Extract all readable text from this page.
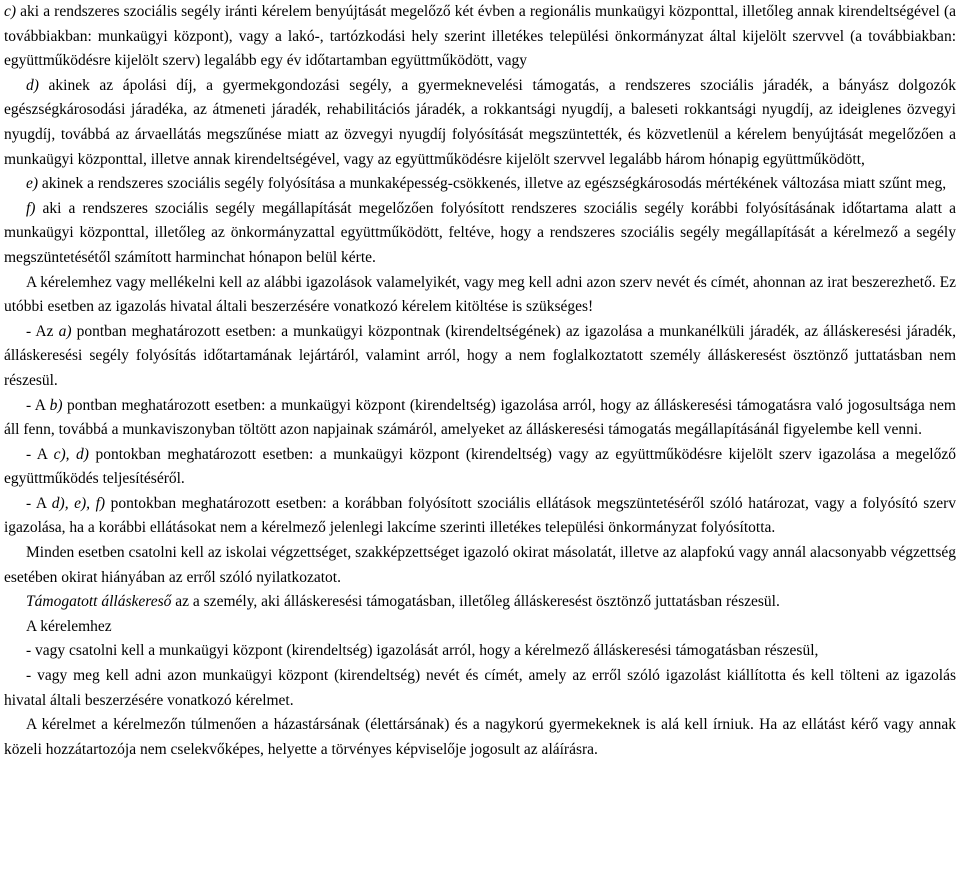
c) aki a rendszeres szociális segély iránti kérelem benyújtását megelőző két évben a regionális munkaügyi központtal, illetőleg annak kirendeltségével (a továbbiakban: munkaügyi központ), vagy a lakó-, tartózkodási hely szerint illetékes települési önkormányzat által kijelölt szervvel (a továbbiakban: együttműködésre kijelölt szerv) legalább egy év időtartamban együttműködött, vagy

d) akinek az ápolási díj, a gyermekgondozási segély, a gyermeknevelési támogatás, a rendszeres szociális járadék, a bányász dolgozók egészségkárosodási járadéka, az átmeneti járadék, rehabilitációs járadék, a rokkantsági nyugdíj, a baleseti rokkantsági nyugdíj, az ideiglenes özvegyi nyugdíj, továbbá az árvaellátás megszűnése miatt az özvegyi nyugdíj folyósítását megszüntették, és közvetlenül a kérelem benyújtását megelőzően a munkaügyi központtal, illetve annak kirendeltségével, vagy az együttműködésre kijelölt szervvel legalább három hónapig együttműködött,

e) akinek a rendszeres szociális segély folyósítása a munkaképesség-csökkenés, illetve az egészségkárosodás mértékének változása miatt szűnt meg,

f) aki a rendszeres szociális segély megállapítását megelőzően folyósított rendszeres szociális segély korábbi folyósításának időtartama alatt a munkaügyi központtal, illetőleg az önkormányzattal együttműködött, feltéve, hogy a rendszeres szociális segély megállapítását a kérelmező a segély megszüntetésétől számított harminchat hónapon belül kérte.

A kérelemhez vagy mellékelni kell az alábbi igazolások valamelyikét, vagy meg kell adni azon szerv nevét és címét, ahonnan az irat beszerezhető. Ez utóbbi esetben az igazolás hivatal általi beszerzésére vonatkozó kérelem kitöltése is szükséges!

- Az a) pontban meghatározott esetben: a munkaügyi központnak (kirendeltségének) az igazolása a munkanélküli járadék, az álláskeresési járadék, álláskeresési segély folyósítás időtartamának lejártáról, valamint arról, hogy a nem foglalkoztatott személy álláskeresést ösztönző juttatásban nem részesül.

- A b) pontban meghatározott esetben: a munkaügyi központ (kirendeltség) igazolása arról, hogy az álláskeresési támogatásra való jogosultsága nem áll fenn, továbbá a munkaviszonyban töltött azon napjainak számáról, amelyeket az álláskeresési támogatás megállapításánál figyelembe kell venni.

- A c), d) pontokban meghatározott esetben: a munkaügyi központ (kirendeltség) vagy az együttműködésre kijelölt szerv igazolása a megelőző együttműködés teljesítéséről.

- A d), e), f) pontokban meghatározott esetben: a korábban folyósított szociális ellátások megszüntetéséről szóló határozat, vagy a folyósító szerv igazolása, ha a korábbi ellátásokat nem a kérelmező jelenlegi lakcíme szerinti illetékes települési önkormányzat folyósította.

Minden esetben csatolni kell az iskolai végzettséget, szakképzettséget igazoló okirat másolatát, illetve az alapfokú vagy annál alacsonyabb végzettség esetében okirat hiányában az erről szóló nyilatkozatot.

Támogatott álláskereső az a személy, aki álláskeresési támogatásban, illetőleg álláskeresést ösztönző juttatásban részesül.

A kérelemhez

- vagy csatolni kell a munkaügyi központ (kirendeltség) igazolását arról, hogy a kérelmező álláskeresési támogatásban részesül,

- vagy meg kell adni azon munkaügyi központ (kirendeltség) nevét és címét, amely az erről szóló igazolást kiállította és kell tölteni az igazolás hivatal általi beszerzésére vonatkozó kérelmet.

A kérelmet a kérelmezőn túlmenően a házastársának (élettársának) és a nagykorú gyermekeknek is alá kell írniuk. Ha az ellátást kérő vagy annak közeli hozzátartozója nem cselekvőképes, helyette a törvényes képviselője jogosult az aláírásra.
